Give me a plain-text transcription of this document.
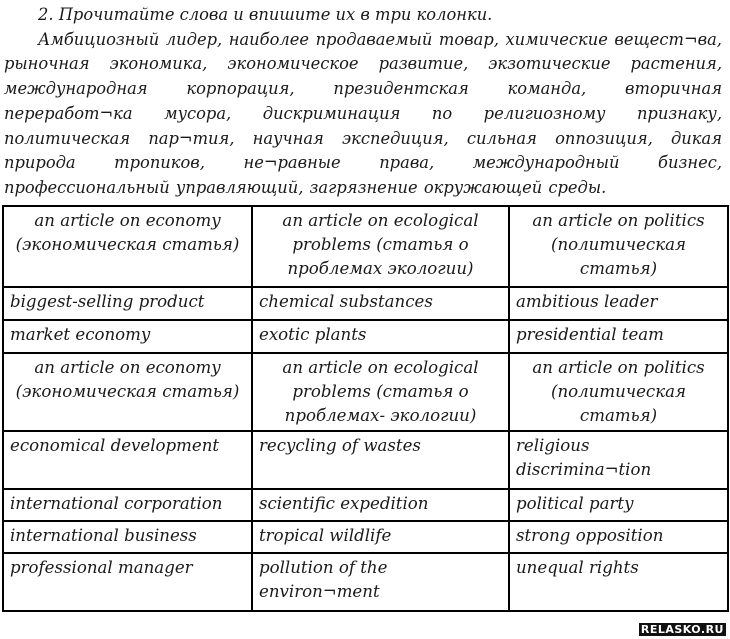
2. Прочитайте слова и впишите их в три колонки.
Амбициозный лидер, наиболее продаваемый товар, химические вещест¬ва, рыночная экономика, экономическое развитие, экзотические растения, международная корпорация, президентская команда, вторичная переработ¬ка мусора, дискриминация по религиозному признаку, политическая пар¬тия, научная экспедиция, сильная оппозиция, дикая природа тропиков, не¬равные права, международный бизнес, профессиональный управляющий, загрязнение окружающей среды.
an article on economy (экономическая статья)	an article on ecological problems (статья о проблемах экологии)	an article on politics (политическая статья)
biggest-selling product	chemical substances	ambitious leader
market economy	exotic plants	presidential team
an article on economy (экономическая статья)	an article on ecological problems (статья о проблемах- экологии)	an article on politics (политическая статья)
economical development	recycling of wastes	religious discrimina¬tion
international corporation	scientific expedition	political party
international business	tropical wildlife	strong opposition
professional manager	pollution of the environ¬ment	unequal rights
RELASKO.RU
